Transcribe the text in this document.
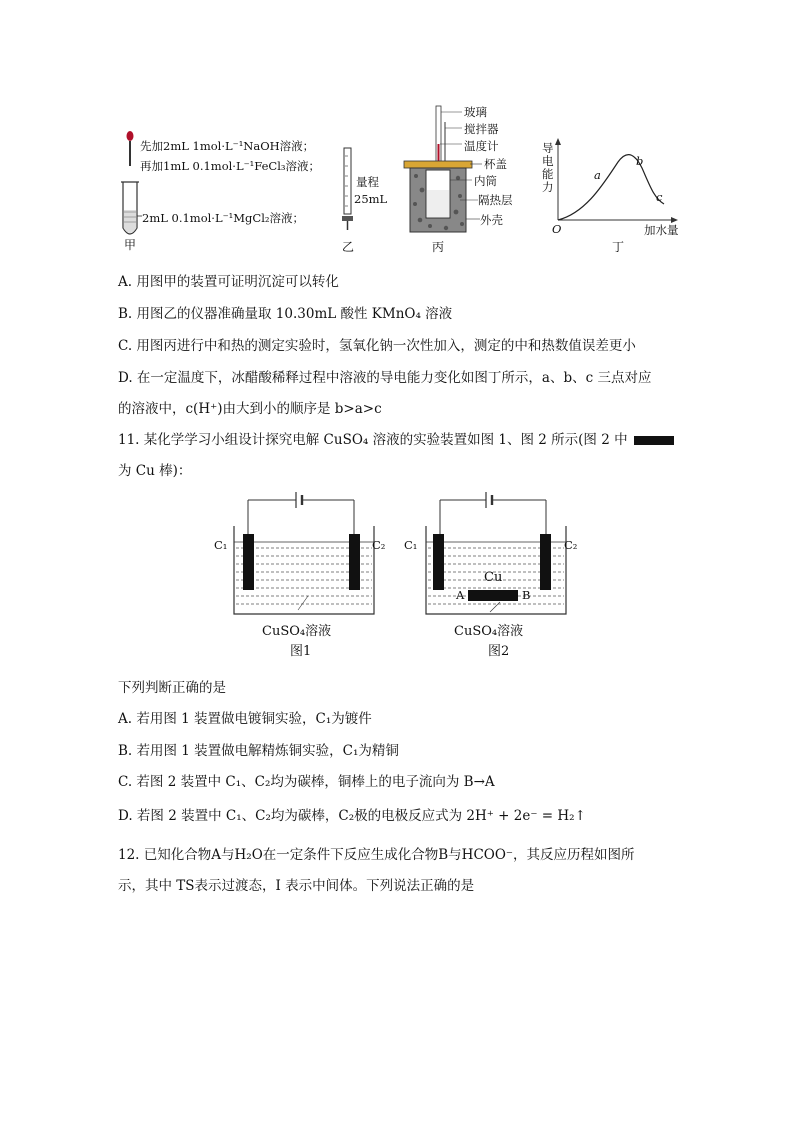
先加2mL 1mol·L⁻¹NaOH溶液；
再加1mL 0.1mol·L⁻¹FeCl₃溶液；
2mL 0.1mol·L⁻¹MgCl₂溶液；
甲
量程
25mL
乙
玻璃
搅拌器
温度计
杯盖
内筒
隔热层
外壳
丙
导
电
能
力
a
b
c
O	加水量
丁
A. 用图甲的装置可证明沉淀可以转化
B. 用图乙的仪器准确量取 10.30mL 酸性 KMnO₄ 溶液
C. 用图丙进行中和热的测定实验时，氢氧化钠一次性加入，测定的中和热数值误差更小
D. 在一定温度下，冰醋酸稀释过程中溶液的导电能力变化如图丁所示，a、b、c 三点对应
的溶液中，c(H⁺)由大到小的顺序是 b>a>c
11. 某化学学习小组设计探究电解 CuSO₄ 溶液的实验装置如图 1、图 2 所示(图 2 中
为 Cu 棒)：
C₁	C₂
CuSO₄溶液
图1
C₁	C₂
Cu
A	B
CuSO₄溶液
图2
下列判断正确的是
A. 若用图 1 装置做电镀铜实验，C₁为镀件
B. 若用图 1 装置做电解精炼铜实验，C₁为精铜
C. 若图 2 装置中 C₁、C₂均为碳棒，铜棒上的电子流向为 B→A
D. 若图 2 装置中 C₁、C₂均为碳棒，C₂极的电极反应式为 2H⁺ + 2e⁻ = H₂↑
12. 已知化合物A与H₂O在一定条件下反应生成化合物B与HCOO⁻，其反应历程如图所
示，其中 TS表示过渡态，I 表示中间体。下列说法正确的是
